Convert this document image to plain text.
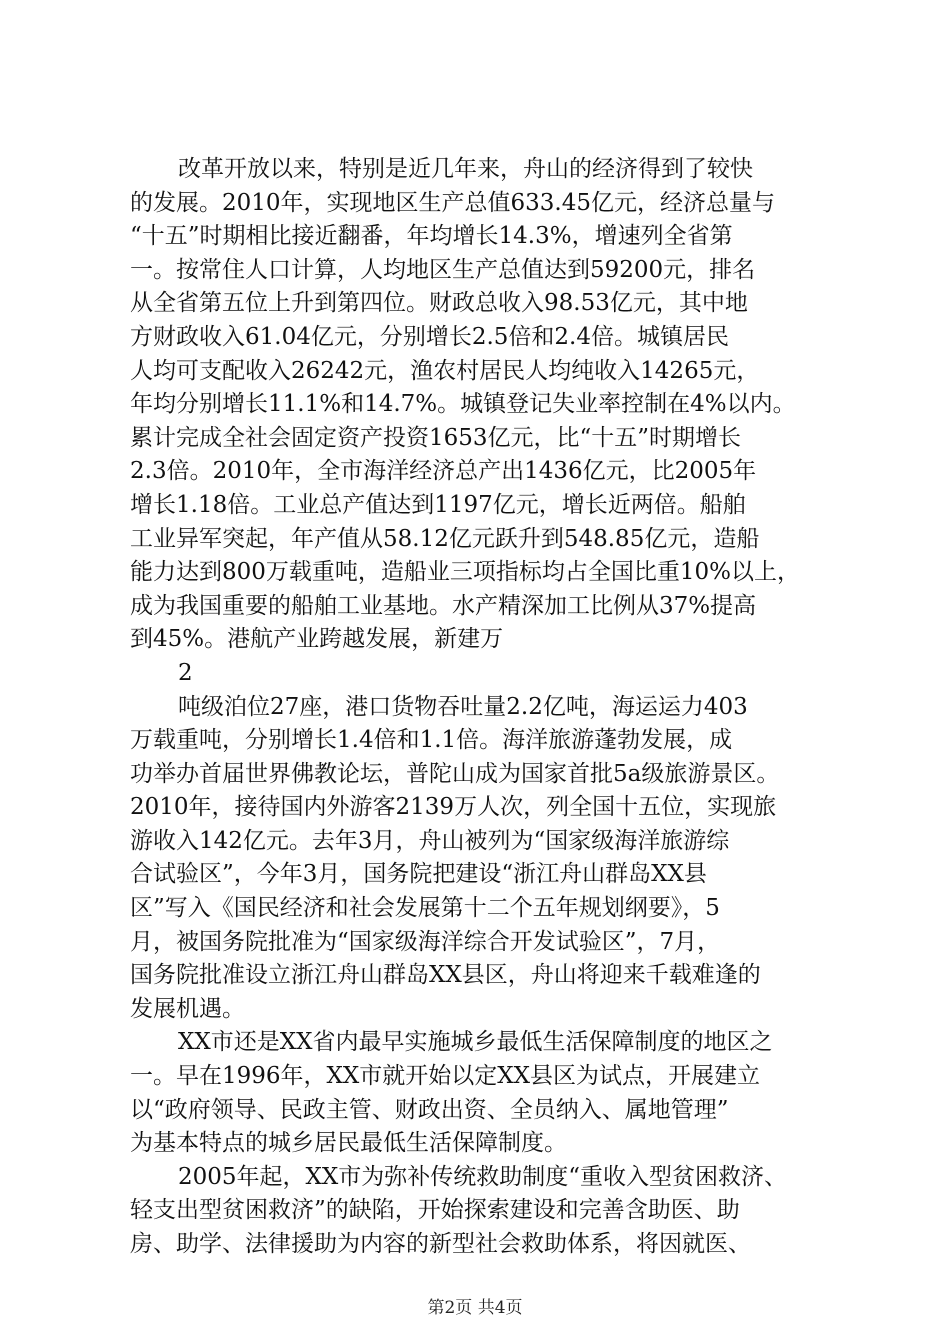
改革开放以来，特别是近几年来，舟山的经济得到了较快
的发展。2010年，实现地区生产总值633.45亿元，经济总量与
“十五”时期相比接近翻番，年均增长14.3%，增速列全省第
一。按常住人口计算，人均地区生产总值达到59200元，排名
从全省第五位上升到第四位。财政总收入98.53亿元，其中地
方财政收入61.04亿元，分别增长2.5倍和2.4倍。城镇居民
人均可支配收入26242元，渔农村居民人均纯收入14265元，
年均分别增长11.1%和14.7%。城镇登记失业率控制在4%以内。
累计完成全社会固定资产投资1653亿元，比“十五”时期增长
2.3倍。2010年，全市海洋经济总产出1436亿元，比2005年
增长1.18倍。工业总产值达到1197亿元，增长近两倍。船舶
工业异军突起，年产值从58.12亿元跃升到548.85亿元，造船
能力达到800万载重吨，造船业三项指标均占全国比重10%以上，
成为我国重要的船舶工业基地。水产精深加工比例从37%提高
到45%。港航产业跨越发展，新建万
2
吨级泊位27座，港口货物吞吐量2.2亿吨，海运运力403
万载重吨，分别增长1.4倍和1.1倍。海洋旅游蓬勃发展，成
功举办首届世界佛教论坛，普陀山成为国家首批5a级旅游景区。
2010年，接待国内外游客2139万人次，列全国十五位，实现旅
游收入142亿元。去年3月，舟山被列为“国家级海洋旅游综
合试验区”，今年3月，国务院把建设“浙江舟山群岛XX县
区”写入《国民经济和社会发展第十二个五年规划纲要》，5
月，被国务院批准为“国家级海洋综合开发试验区”，7月，
国务院批准设立浙江舟山群岛XX县区，舟山将迎来千载难逢的
发展机遇。
XX市还是XX省内最早实施城乡最低生活保障制度的地区之
一。早在1996年，XX市就开始以定XX县区为试点，开展建立
以“政府领导、民政主管、财政出资、全员纳入、属地管理”
为基本特点的城乡居民最低生活保障制度。
2005年起，XX市为弥补传统救助制度“重收入型贫困救济、
轻支出型贫困救济”的缺陷，开始探索建设和完善含助医、助
房、助学、法律援助为内容的新型社会救助体系，将因就医、
第2页 共4页
